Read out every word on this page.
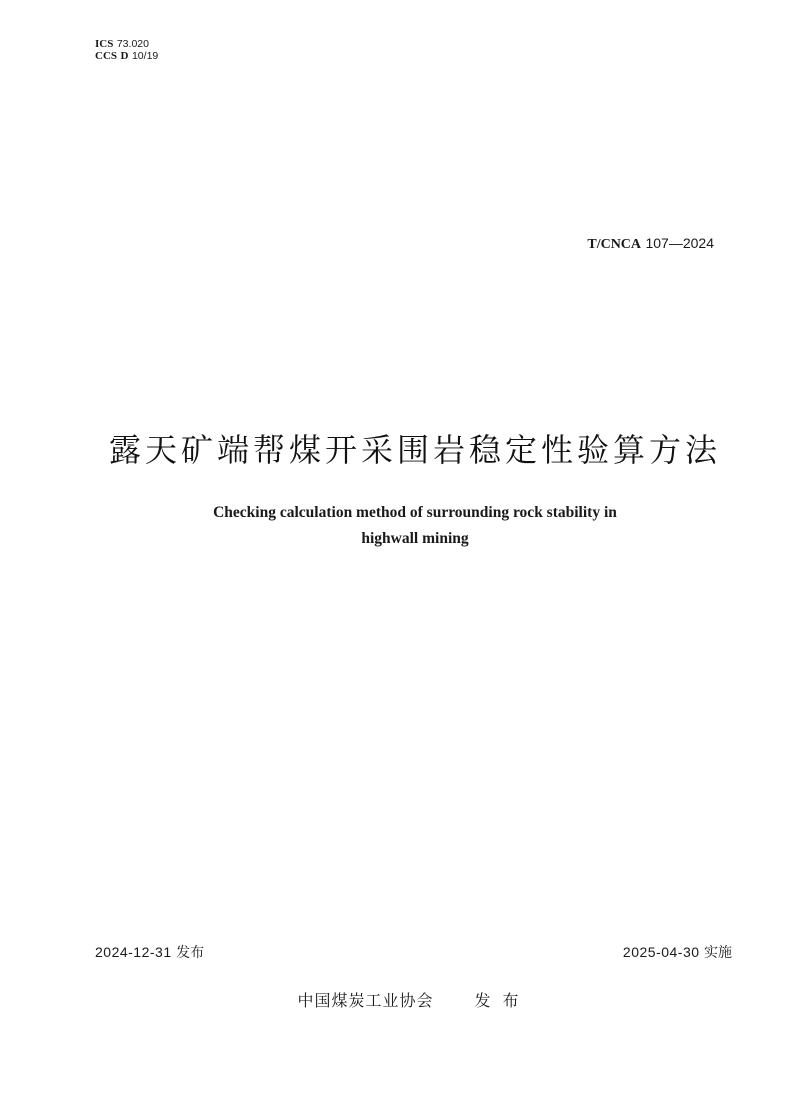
ICS 73.020
CCS D 10/19
T/CNCA 107—2024
露天矿端帮煤开采围岩稳定性验算方法
Checking calculation method of surrounding rock stability in
highwall mining
2024-12-31 发布	2025-04-30 实施
中国煤炭工业协会	发布
